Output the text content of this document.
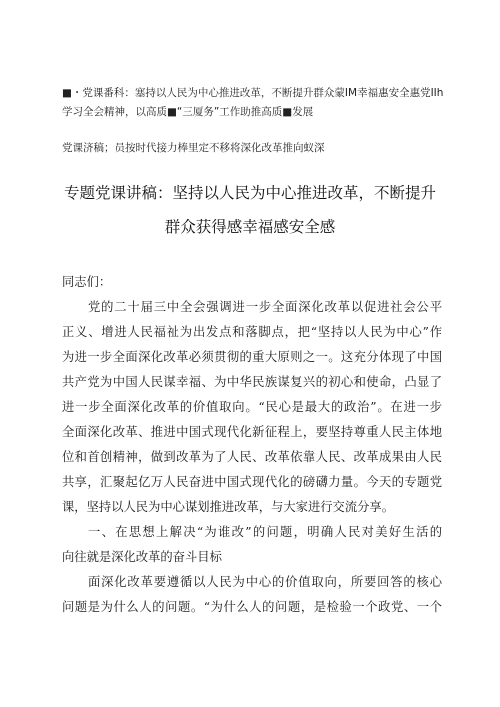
■・党课番科：塞持以人民为中心推进改革，不断提升群众蒙IM幸福惠安全惠党IIh
学习全会精神，以高质■“三厦务”工作助推高质■发展
党课济稿；员按时代接力棒里定不移将深化改革推向蚁深
专题党课讲稿：坚持以人民为中心推进改革，不断提升
群众获得感幸福感安全感
同志们：
党的二十届三中全会强调进一步全面深化改革以促进社会公平
正义、增进人民福祉为出发点和落脚点，把“坚持以人民为中心”作
为进一步全面深化改革必须贯彻的重大原则之一。这充分体现了中国
共产党为中国人民谋幸福、为中华民族谋复兴的初心和使命，凸显了
进一步全面深化改革的价值取向。“民心是最大的政治”。在进一步
全面深化改革、推进中国式现代化新征程上，要坚持尊重人民主体地
位和首创精神，做到改革为了人民、改革依靠人民、改革成果由人民
共享，汇聚起亿万人民奋进中国式现代化的磅礴力量。今天的专题党
课，坚持以人民为中心谋划推进改革，与大家进行交流分享。
一、在思想上解决“为谁改”的问题，明确人民对美好生活的
向往就是深化改革的奋斗目标
面深化改革要遵循以人民为中心的价值取向，所要回答的核心
问题是为什么人的问题。“为什么人的问题，是检验一个政党、一个
